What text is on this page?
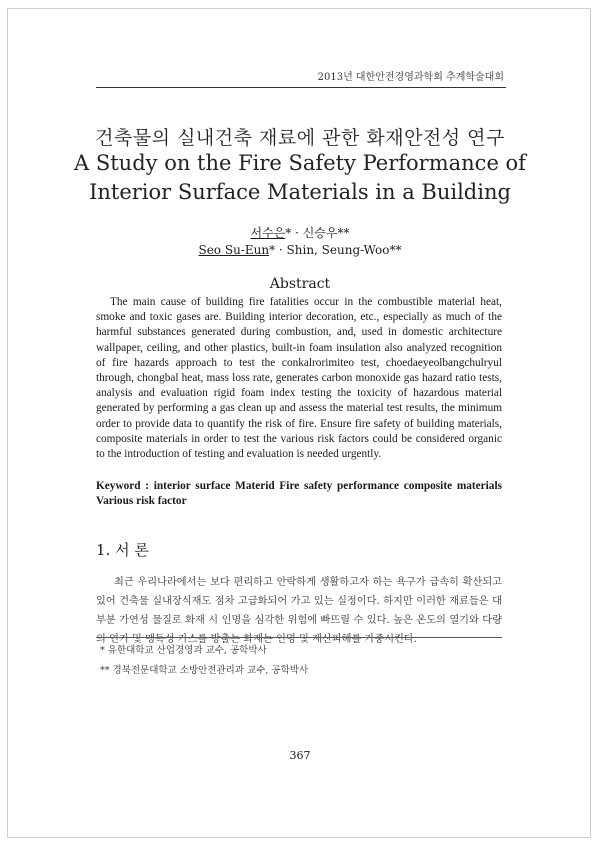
2013년 대한안전경영과학회 추계학술대회
건축물의 실내건축 재료에 관한 화재안전성 연구
A Study on the Fire Safety Performance of
Interior Surface Materials in a Building
서수은* · 신승우**
Seo Su-Eun* · Shin, Seung-Woo**
Abstract

The main cause of building fire fatalities occur in the combustible material heat, smoke and toxic gases are. Building interior decoration, etc., especially as much of the harmful substances generated during combustion, and, used in domestic architecture wallpaper, ceiling, and other plastics, built-in foam insulation also analyzed recognition of fire hazards approach to test the conkalrorimiteo test, choedaeyeolbangchulryul through, chongbal heat, mass loss rate, generates carbon monoxide gas hazard ratio tests, analysis and evaluation rigid foam index testing the toxicity of hazardous material generated by performing a gas clean up and assess the material test results, the minimum order to provide data to quantify the risk of fire. Ensure fire safety of building materials, composite materials in order to test the various risk factors could be considered organic to the introduction of testing and evaluation is needed urgently.

Keyword : interior surface Materid Fire safety performance composite materials Various risk factor

1. 서 론

최근 우리나라에서는 보다 편리하고 안락하게 생활하고자 하는 욕구가 급속히 확산되고 있어 건축물 실내장식재도 점차 고급화되어 가고 있는 실정이다. 하지만 이러한 재료들은 대부분 가연성 물질로 화재 시 인명을 심각한 위험에 빠뜨릴 수 있다. 높은 온도의 열기와 다량의 연기 및 맹독성 가스를 방출는 화재는 인명 및 재산피해를 가중시킨다.

* 유한대학교 산업경영과 교수, 공학박사
** 경북전문대학교 소방안전관리과 교수, 공학박사
367
